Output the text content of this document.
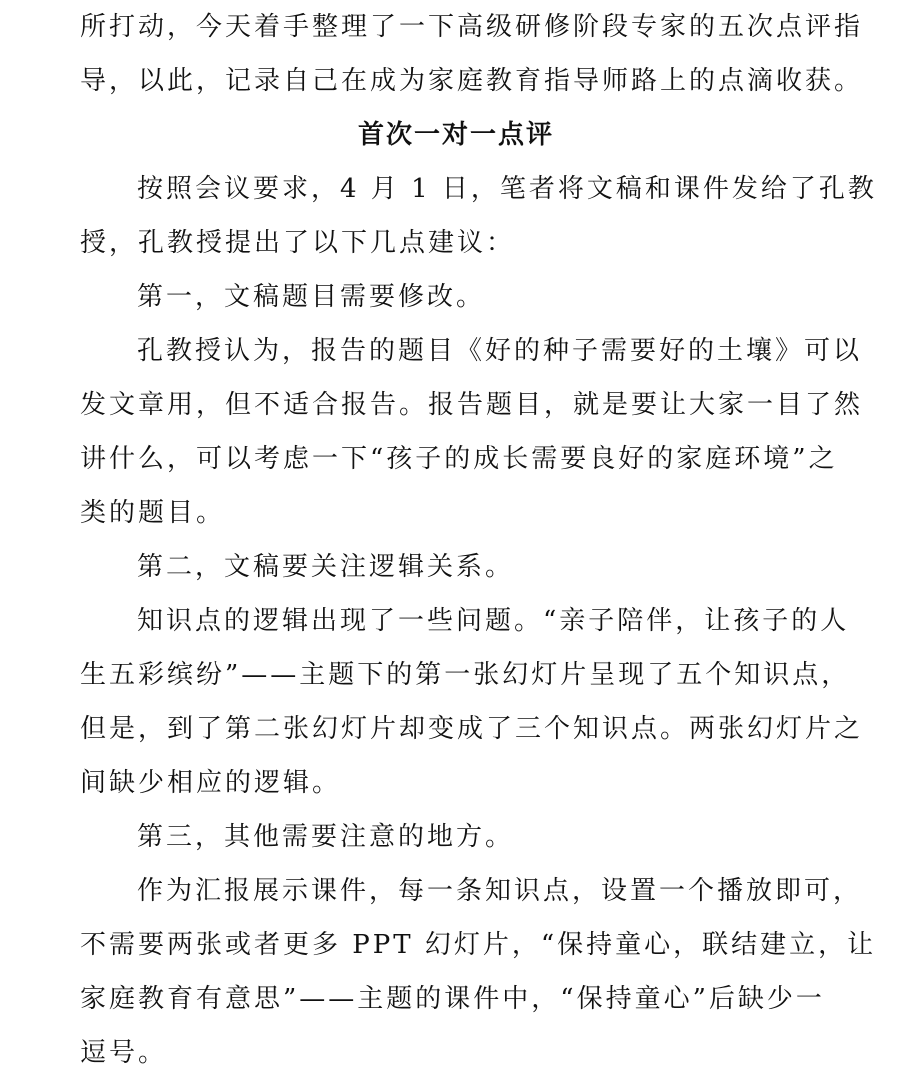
所打动，今天着手整理了一下高级研修阶段专家的五次点评指
导，以此，记录自己在成为家庭教育指导师路上的点滴收获。

首次一对一点评

按照会议要求，4 月 1 日，笔者将文稿和课件发给了孔教
授，孔教授提出了以下几点建议：

第一，文稿题目需要修改。

孔教授认为，报告的题目《好的种子需要好的土壤》可以
发文章用，但不适合报告。报告题目，就是要让大家一目了然
讲什么，可以考虑一下“孩子的成长需要良好的家庭环境”之
类的题目。

第二，文稿要关注逻辑关系。

知识点的逻辑出现了一些问题。“亲子陪伴，让孩子的人
生五彩缤纷”——主题下的第一张幻灯片呈现了五个知识点，
但是，到了第二张幻灯片却变成了三个知识点。两张幻灯片之
间缺少相应的逻辑。

第三，其他需要注意的地方。

作为汇报展示课件，每一条知识点，设置一个播放即可，
不需要两张或者更多 PPT 幻灯片，“保持童心，联结建立，让
家庭教育有意思”——主题的课件中，“保持童心”后缺少一
逗号。
